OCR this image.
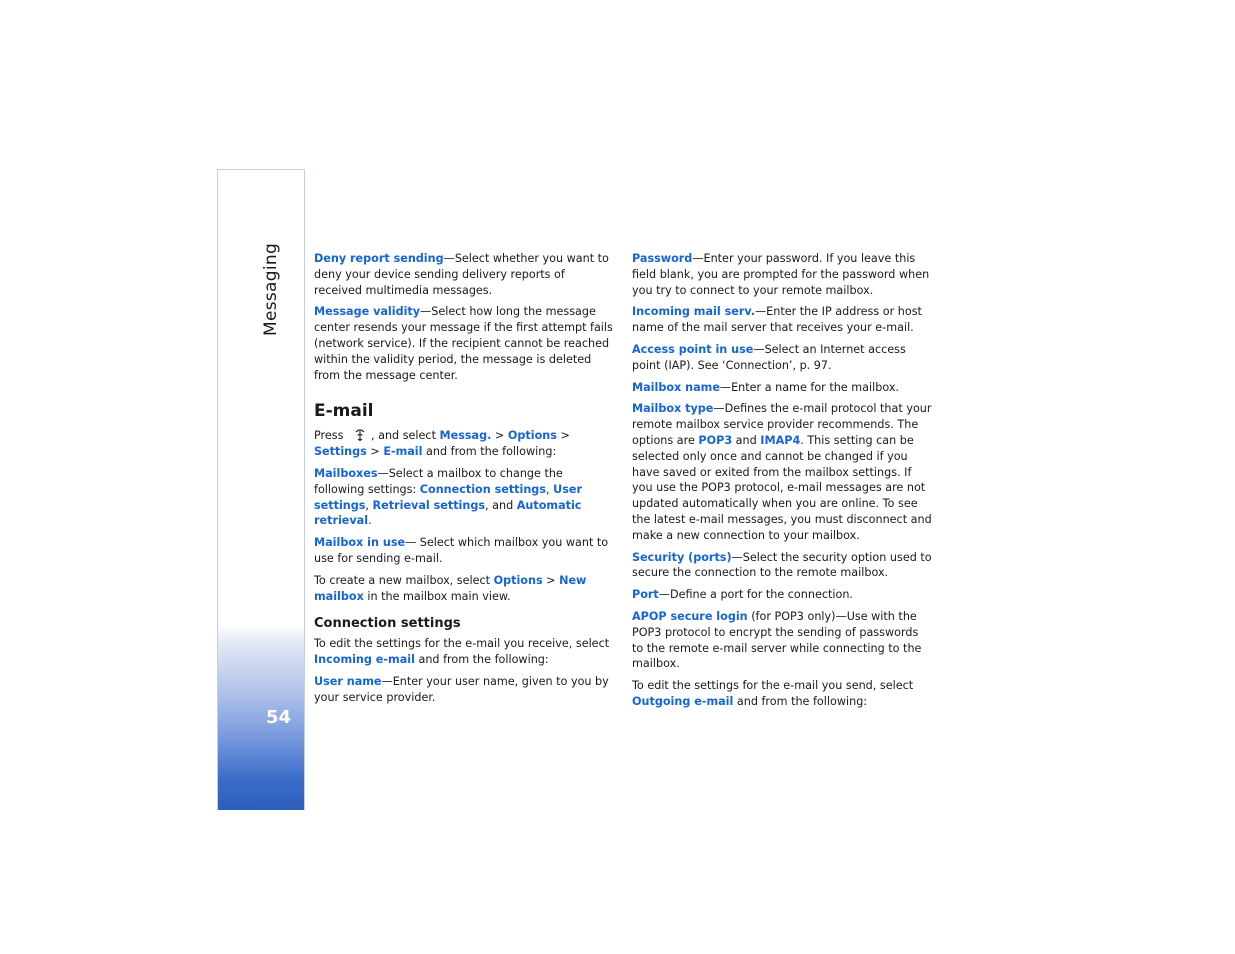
Messaging
54

Deny report sending—Select whether you want to deny your device sending delivery reports of received multimedia messages.

Message validity—Select how long the message center resends your message if the first attempt fails (network service). If the recipient cannot be reached within the validity period, the message is deleted from the message center.

E-mail

Press , and select Messag. > Options > Settings > E-mail and from the following:

Mailboxes—Select a mailbox to change the following settings: Connection settings, User settings, Retrieval settings, and Automatic retrieval.

Mailbox in use— Select which mailbox you want to use for sending e-mail.

To create a new mailbox, select Options > New mailbox in the mailbox main view.

Connection settings

To edit the settings for the e-mail you receive, select Incoming e-mail and from the following:

User name—Enter your user name, given to you by your service provider.

Password—Enter your password. If you leave this field blank, you are prompted for the password when you try to connect to your remote mailbox.

Incoming mail serv.—Enter the IP address or host name of the mail server that receives your e-mail.

Access point in use—Select an Internet access point (IAP). See ‘Connection’, p. 97.

Mailbox name—Enter a name for the mailbox.

Mailbox type—Defines the e-mail protocol that your remote mailbox service provider recommends. The options are POP3 and IMAP4. This setting can be selected only once and cannot be changed if you have saved or exited from the mailbox settings. If you use the POP3 protocol, e-mail messages are not updated automatically when you are online. To see the latest e-mail messages, you must disconnect and make a new connection to your mailbox.

Security (ports)—Select the security option used to secure the connection to the remote mailbox.

Port—Define a port for the connection.

APOP secure login (for POP3 only)—Use with the POP3 protocol to encrypt the sending of passwords to the remote e-mail server while connecting to the mailbox.

To edit the settings for the e-mail you send, select Outgoing e-mail and from the following:
